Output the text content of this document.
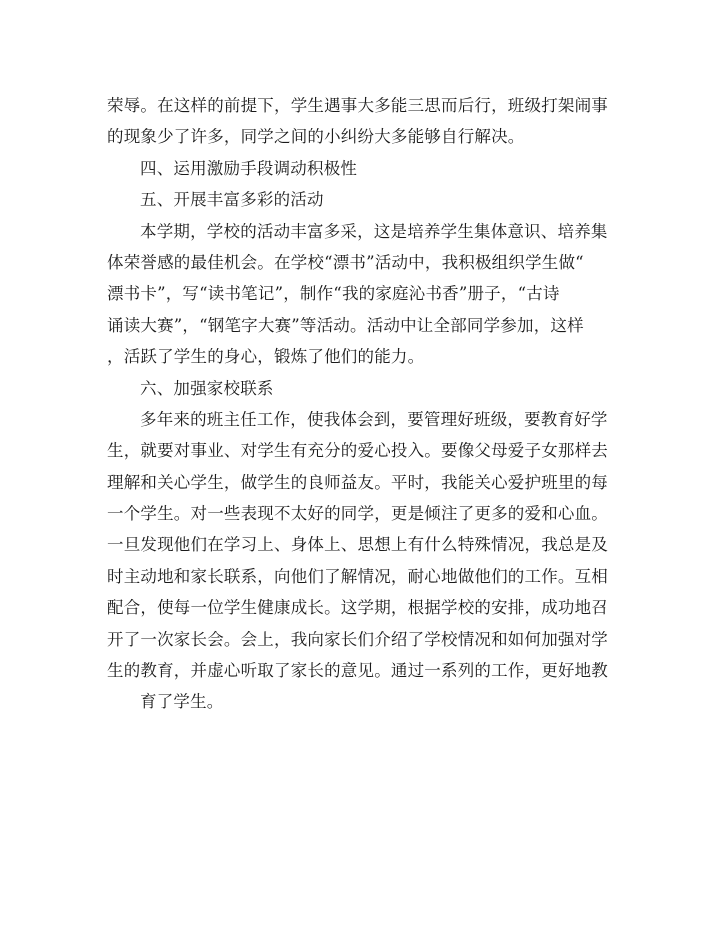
荣辱。在这样的前提下，学生遇事大多能三思而后行，班级打架闹事
的现象少了许多，同学之间的小纠纷大多能够自行解决。
四、运用激励手段调动积极性
五、开展丰富多彩的活动
本学期，学校的活动丰富多采，这是培养学生集体意识、培养集
体荣誉感的最佳机会。在学校“漂书”活动中，我积极组织学生做“
漂书卡”，写“读书笔记”，制作“我的家庭沁书香”册子，“古诗
诵读大赛”，“钢笔字大赛”等活动。活动中让全部同学参加，这样
，活跃了学生的身心，锻炼了他们的能力。
六、加强家校联系
多年来的班主任工作，使我体会到，要管理好班级，要教育好学
生，就要对事业、对学生有充分的爱心投入。要像父母爱子女那样去
理解和关心学生，做学生的良师益友。平时，我能关心爱护班里的每
一个学生。对一些表现不太好的同学，更是倾注了更多的爱和心血。
一旦发现他们在学习上、身体上、思想上有什么特殊情况，我总是及
时主动地和家长联系，向他们了解情况，耐心地做他们的工作。互相
配合，使每一位学生健康成长。这学期，根据学校的安排，成功地召
开了一次家长会。会上，我向家长们介绍了学校情况和如何加强对学
生的教育，并虚心听取了家长的意见。通过一系列的工作，更好地教
育了学生。
